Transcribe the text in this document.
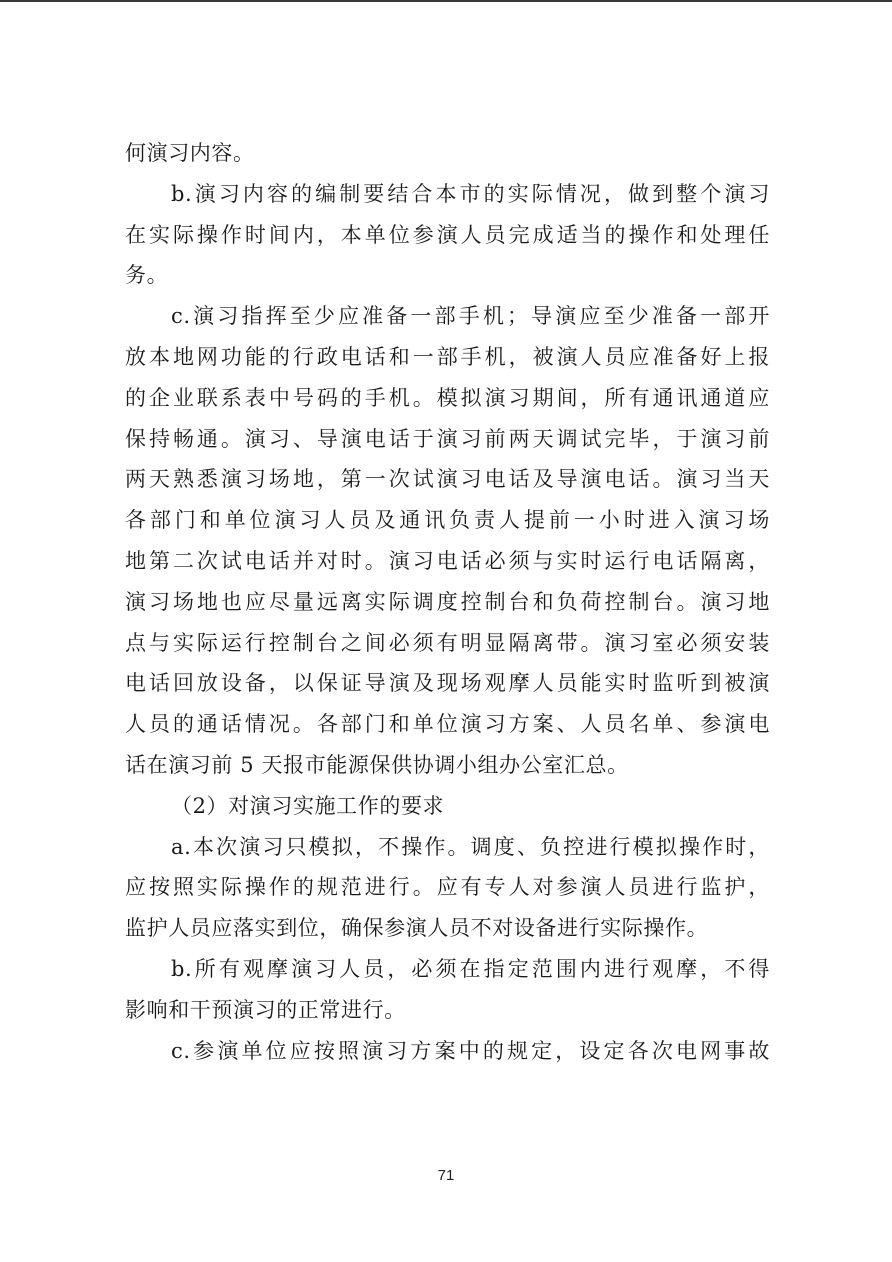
何演习内容。
b.演习内容的编制要结合本市的实际情况，做到整个演习
在实际操作时间内，本单位参演人员完成适当的操作和处理任
务。
c.演习指挥至少应准备一部手机；导演应至少准备一部开
放本地网功能的行政电话和一部手机，被演人员应准备好上报
的企业联系表中号码的手机。模拟演习期间，所有通讯通道应
保持畅通。演习、导演电话于演习前两天调试完毕，于演习前
两天熟悉演习场地，第一次试演习电话及导演电话。演习当天
各部门和单位演习人员及通讯负责人提前一小时进入演习场
地第二次试电话并对时。演习电话必须与实时运行电话隔离，
演习场地也应尽量远离实际调度控制台和负荷控制台。演习地
点与实际运行控制台之间必须有明显隔离带。演习室必须安装
电话回放设备，以保证导演及现场观摩人员能实时监听到被演
人员的通话情况。各部门和单位演习方案、人员名单、参演电
话在演习前 5 天报市能源保供协调小组办公室汇总。
（2）对演习实施工作的要求
a.本次演习只模拟，不操作。调度、负控进行模拟操作时，
应按照实际操作的规范进行。应有专人对参演人员进行监护，
监护人员应落实到位，确保参演人员不对设备进行实际操作。
b.所有观摩演习人员，必须在指定范围内进行观摩，不得
影响和干预演习的正常进行。
c.参演单位应按照演习方案中的规定，设定各次电网事故
71
